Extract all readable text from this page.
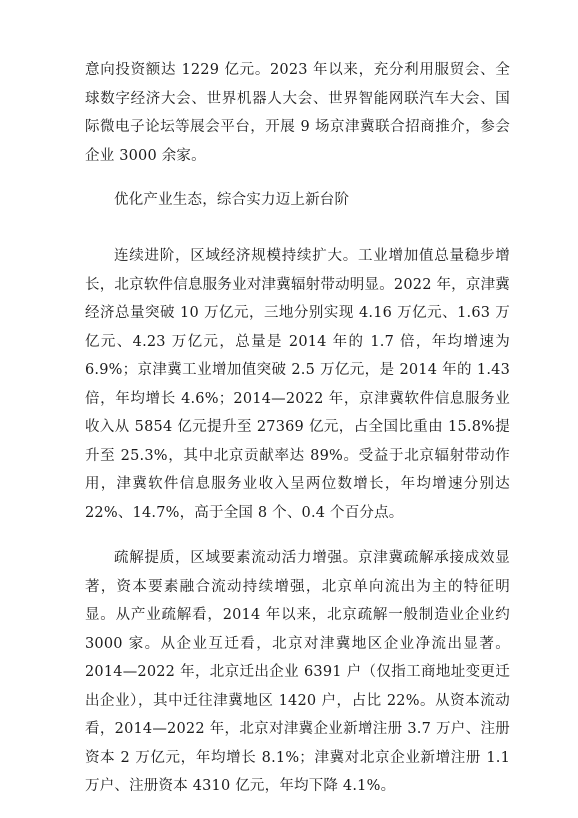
意向投资额达 1229 亿元。2023 年以来，充分利用服贸会、全球数字经济大会、世界机器人大会、世界智能网联汽车大会、国际微电子论坛等展会平台，开展 9 场京津冀联合招商推介，参会企业 3000 余家。

优化产业生态，综合实力迈上新台阶

连续进阶，区域经济规模持续扩大。工业增加值总量稳步增长，北京软件信息服务业对津冀辐射带动明显。2022 年，京津冀经济总量突破 10 万亿元，三地分别实现 4.16 万亿元、1.63 万亿元、4.23 万亿元，总量是 2014 年的 1.7 倍，年均增速为 6.9%；京津冀工业增加值突破 2.5 万亿元，是 2014 年的 1.43 倍，年均增长 4.6%；2014—2022 年，京津冀软件信息服务业收入从 5854 亿元提升至 27369 亿元，占全国比重由 15.8%提升至 25.3%，其中北京贡献率达 89%。受益于北京辐射带动作用，津冀软件信息服务业收入呈两位数增长，年均增速分别达 22%、14.7%，高于全国 8 个、0.4 个百分点。

疏解提质，区域要素流动活力增强。京津冀疏解承接成效显著，资本要素融合流动持续增强，北京单向流出为主的特征明显。从产业疏解看，2014 年以来，北京疏解一般制造业企业约 3000 家。从企业互迁看，北京对津冀地区企业净流出显著。2014—2022 年，北京迁出企业 6391 户（仅指工商地址变更迁出企业），其中迁往津冀地区 1420 户，占比 22%。从资本流动看，2014—2022 年，北京对津冀企业新增注册 3.7 万户、注册资本 2 万亿元，年均增长 8.1%；津冀对北京企业新增注册 1.1 万户、注册资本 4310 亿元，年均下降 4.1%。
